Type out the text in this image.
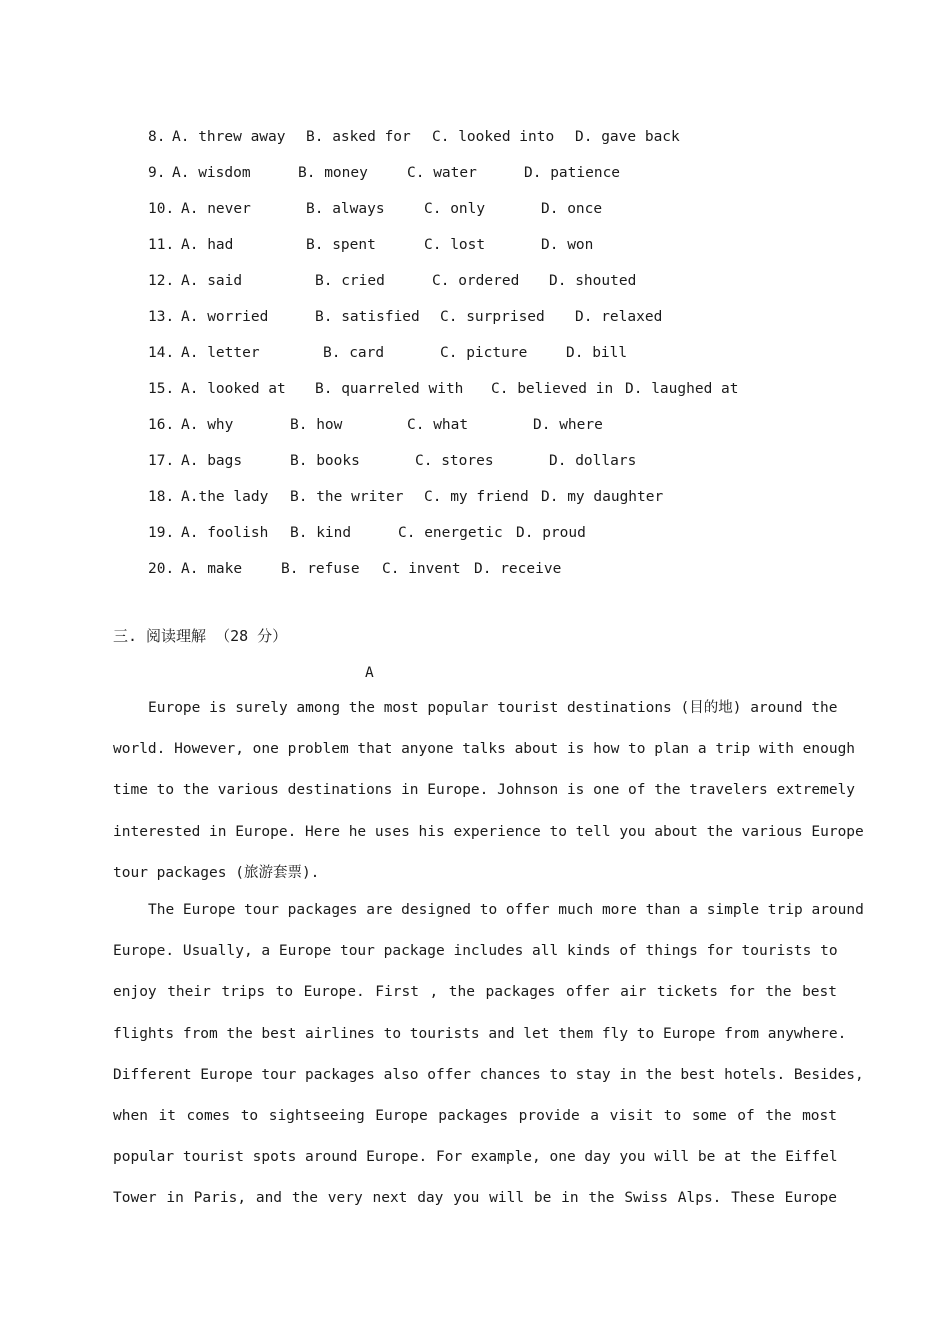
8.

A. threw away

B. asked for

C. looked into

D. gave back

9.

A. wisdom

	B. money

	C. water

	D. patience

10.

A. never

	B. always

	C. only

	D. once

11.

A. had

	B. spent

	C. lost

	D. won

12.

A. said

	B. cried

	C. ordered

D. shouted

13.

A. worried

	B. satisfied

C. surprised

D. relaxed

14.

A. letter

	B. card

	C. picture

	D. bill

15.

A. looked at

B. quarreled with

C. believed in

D. laughed at

16.

A. why

	B. how

	C. what

	D. where

17.

A. bags

	B. books

	C. stores

	D. dollars

18.

A.the lady

B. the writer

C. my friend

D. my daughter

19.

A. foolish

B. kind

	C. energetic

D. proud

20.

A. make

	B. refuse

C. invent

D. receive

三. 阅读理解 （28 分）
A
Europe is surely among the most popular tourist destinations (目的地) around the
world. However, one problem that anyone talks about is how to plan a trip with enough
time to the various destinations in Europe. Johnson is one of the travelers extremely
interested in Europe. Here he uses his experience to tell you about the various Europe
tour packages (旅游套票).
The Europe tour packages are designed to offer much more than a simple trip around
Europe. Usually, a Europe tour package includes all kinds of things for tourists to
enjoy their trips to Europe. First , the packages offer air tickets for the best
flights from the best airlines to tourists and let them fly to Europe from anywhere.
Different Europe tour packages also offer chances to stay in the best hotels. Besides,
when it comes to sightseeing Europe packages provide a visit to some of the most
popular tourist spots around Europe. For example, one day you will be at the Eiffel
Tower in Paris, and the very next day you will be in the Swiss Alps. These Europe
